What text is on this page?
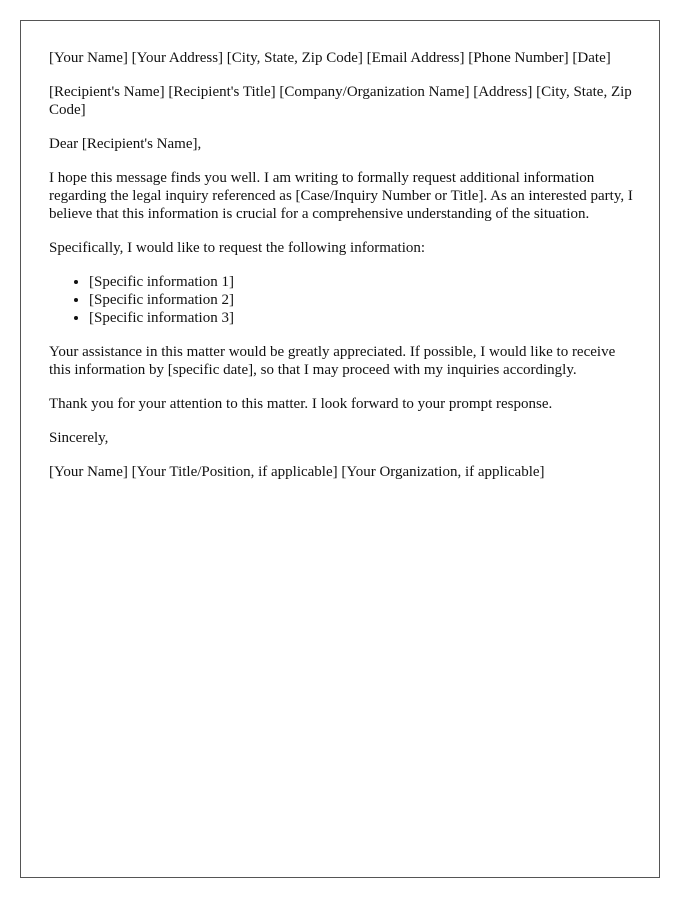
[Your Name] [Your Address] [City, State, Zip Code] [Email Address] [Phone Number] [Date]

[Recipient's Name] [Recipient's Title] [Company/Organization Name] [Address] [City, State, Zip Code]

Dear [Recipient's Name],

I hope this message finds you well. I am writing to formally request additional information regarding the legal inquiry referenced as [Case/Inquiry Number or Title]. As an interested party, I believe that this information is crucial for a comprehensive understanding of the situation.

Specifically, I would like to request the following information:

• [Specific information 1]
• [Specific information 2]
• [Specific information 3]

Your assistance in this matter would be greatly appreciated. If possible, I would like to receive this information by [specific date], so that I may proceed with my inquiries accordingly.

Thank you for your attention to this matter. I look forward to your prompt response.

Sincerely,

[Your Name] [Your Title/Position, if applicable] [Your Organization, if applicable]
